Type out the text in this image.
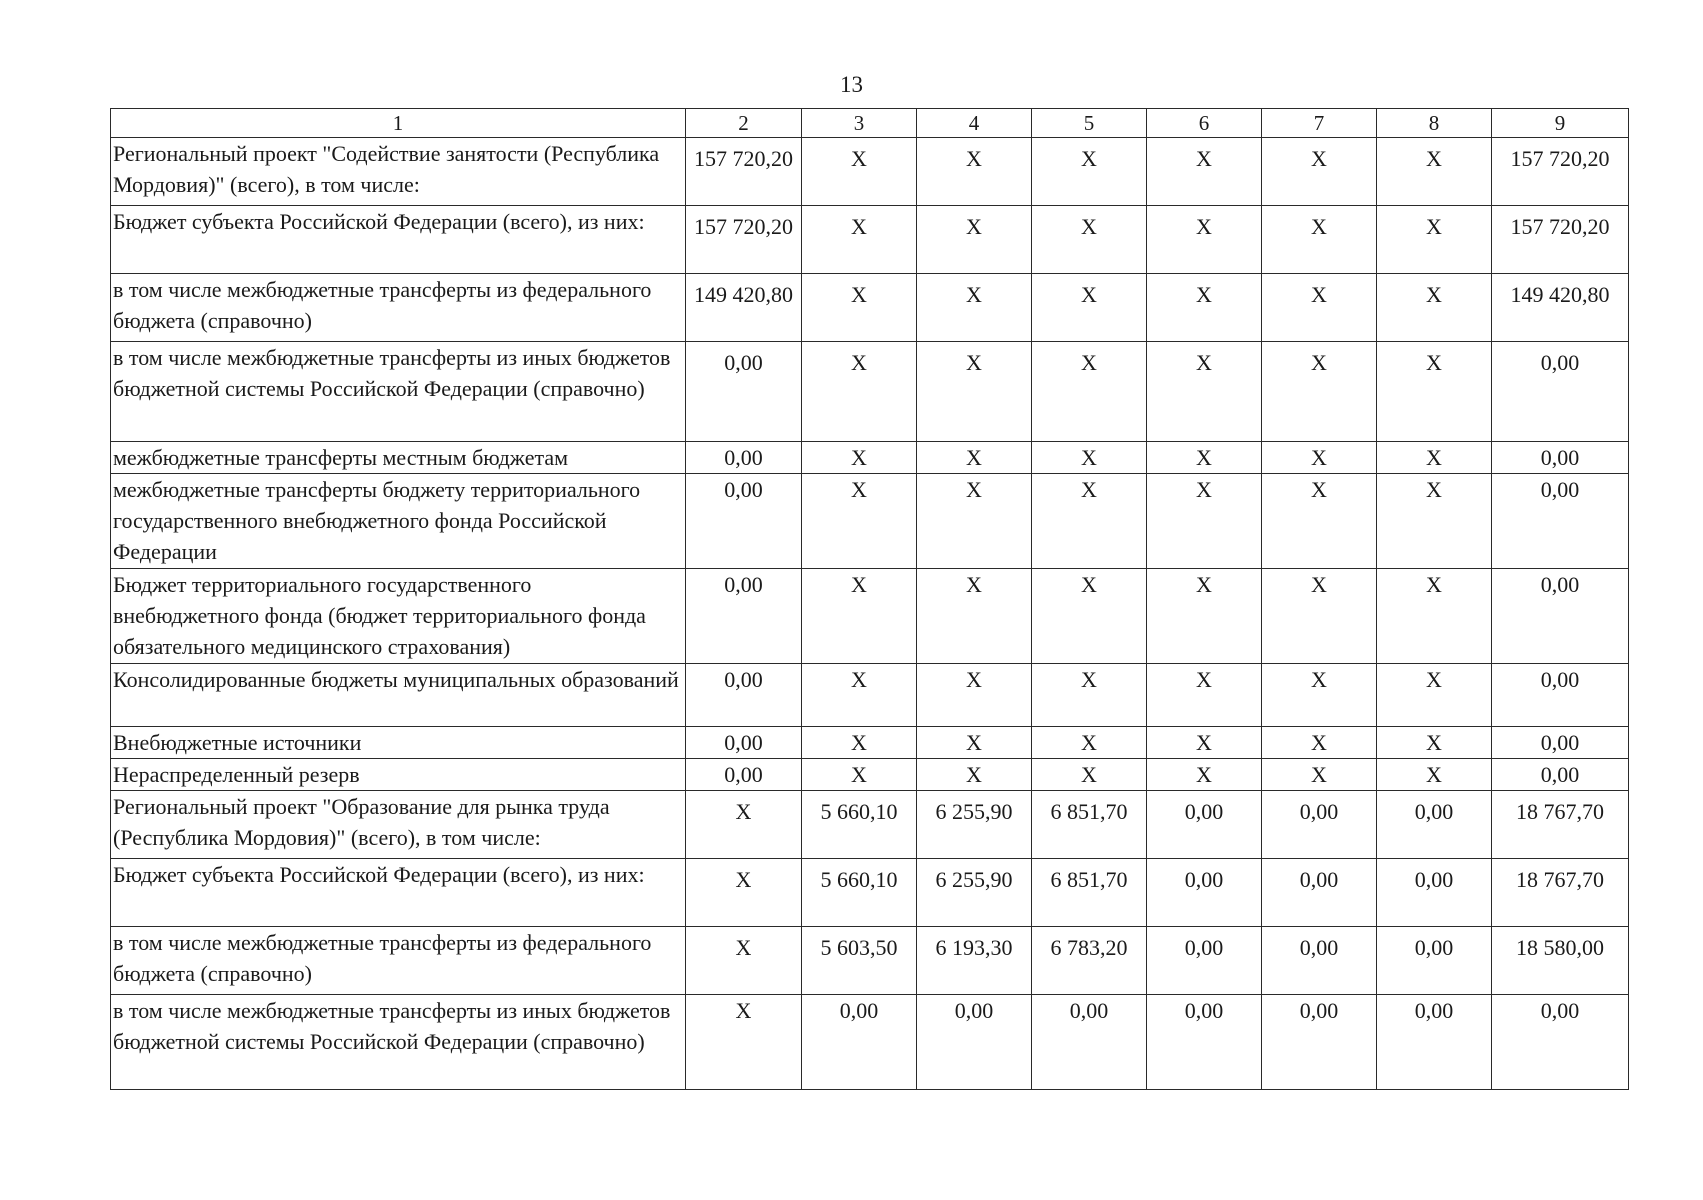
13
1	2	3	4	5	6	7	8	9
Региональный проект "Содействие занятости (Республика Мордовия)" (всего), в том числе:	157 720,20	X	X	X	X	X	X	157 720,20
Бюджет субъекта Российской Федерации (всего), из них:	157 720,20	X	X	X	X	X	X	157 720,20
в том числе межбюджетные трансферты из федерального бюджета (справочно)	149 420,80	X	X	X	X	X	X	149 420,80
в том числе межбюджетные трансферты из иных бюджетов бюджетной системы Российской Федерации (справочно)	0,00	X	X	X	X	X	X	0,00
межбюджетные трансферты местным бюджетам	0,00	X	X	X	X	X	X	0,00
межбюджетные трансферты бюджету территориального государственного внебюджетного фонда Российской Федерации	0,00	X	X	X	X	X	X	0,00
Бюджет территориального государственного внебюджетного фонда (бюджет территориального фонда обязательного медицинского страхования)	0,00	X	X	X	X	X	X	0,00
Консолидированные бюджеты муниципальных образований	0,00	X	X	X	X	X	X	0,00
Внебюджетные источники	0,00	X	X	X	X	X	X	0,00
Нераспределенный резерв	0,00	X	X	X	X	X	X	0,00
Региональный проект "Образование для рынка труда (Республика Мордовия)" (всего), в том числе:	X	5 660,10	6 255,90	6 851,70	0,00	0,00	0,00	18 767,70
Бюджет субъекта Российской Федерации (всего), из них:	X	5 660,10	6 255,90	6 851,70	0,00	0,00	0,00	18 767,70
в том числе межбюджетные трансферты из федерального бюджета (справочно)	X	5 603,50	6 193,30	6 783,20	0,00	0,00	0,00	18 580,00
в том числе межбюджетные трансферты из иных бюджетов бюджетной системы Российской Федерации (справочно)	X	0,00	0,00	0,00	0,00	0,00	0,00	0,00
